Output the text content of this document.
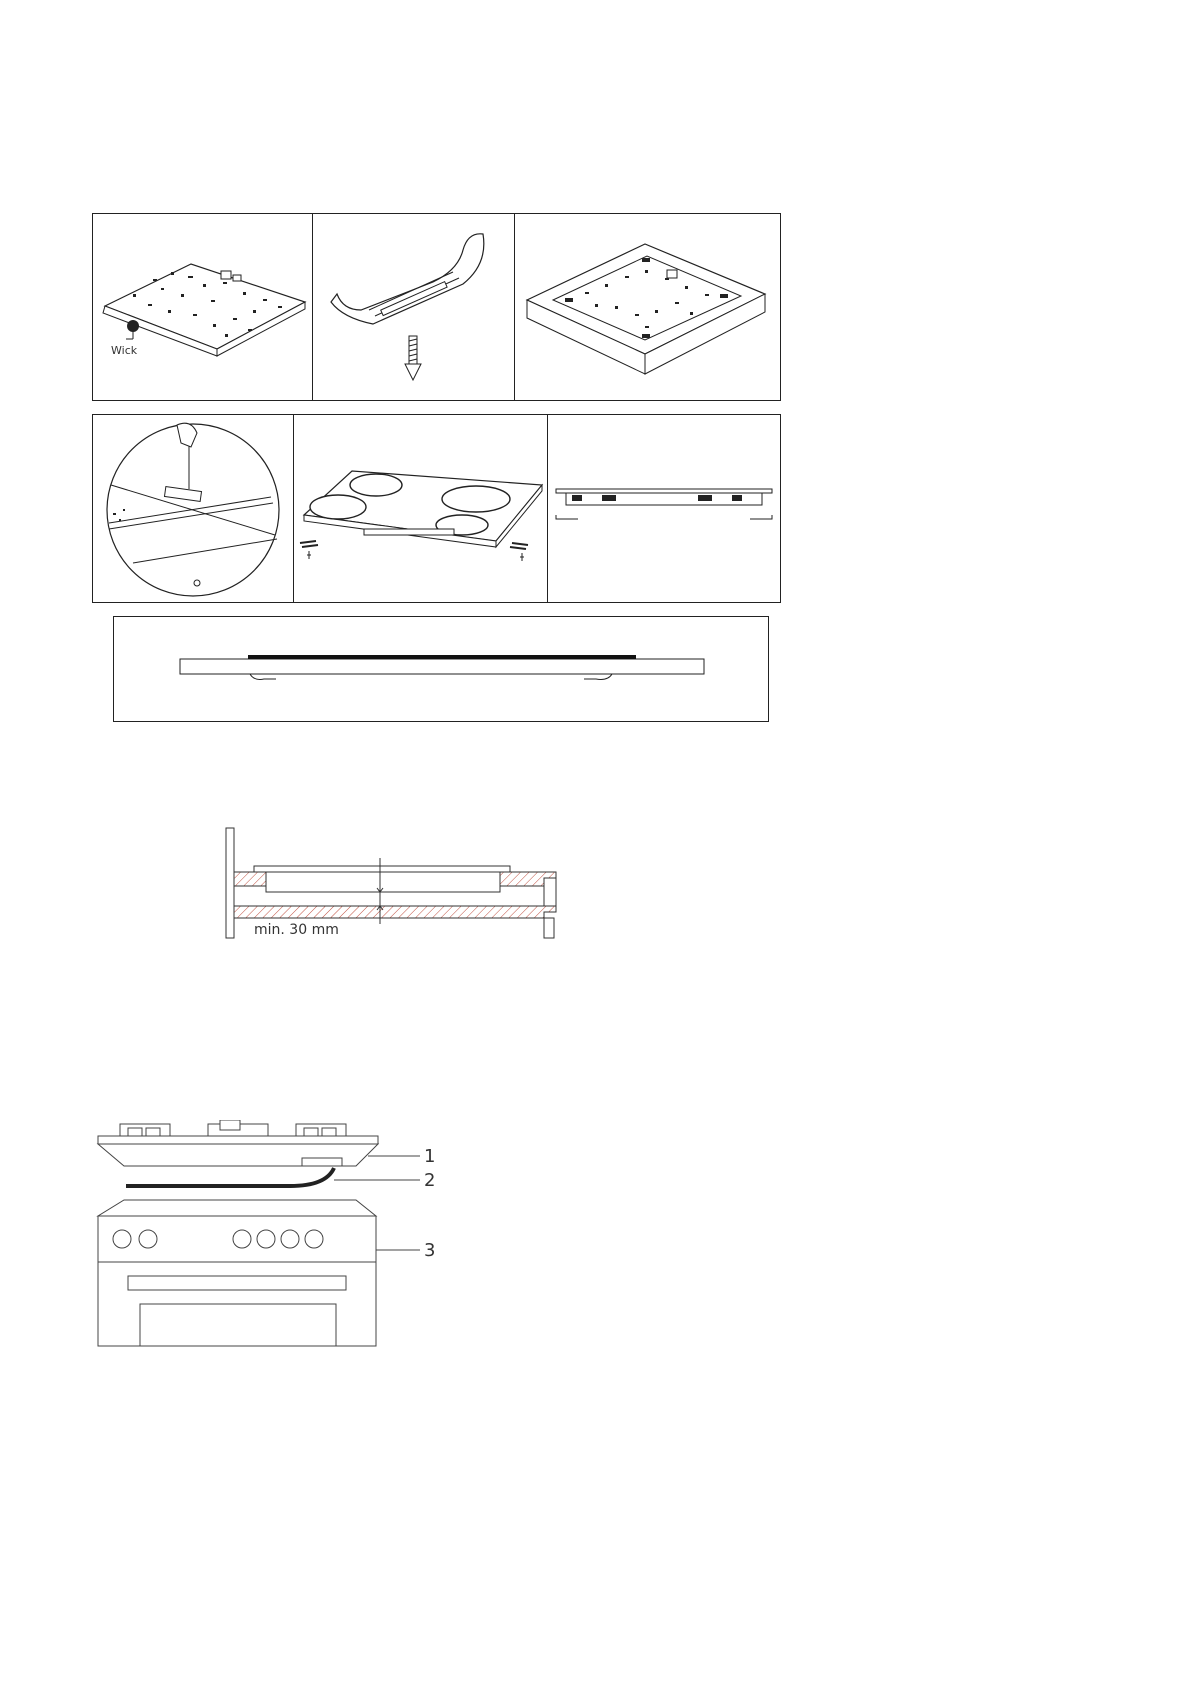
Wick
min. 30 mm
1
2
3
